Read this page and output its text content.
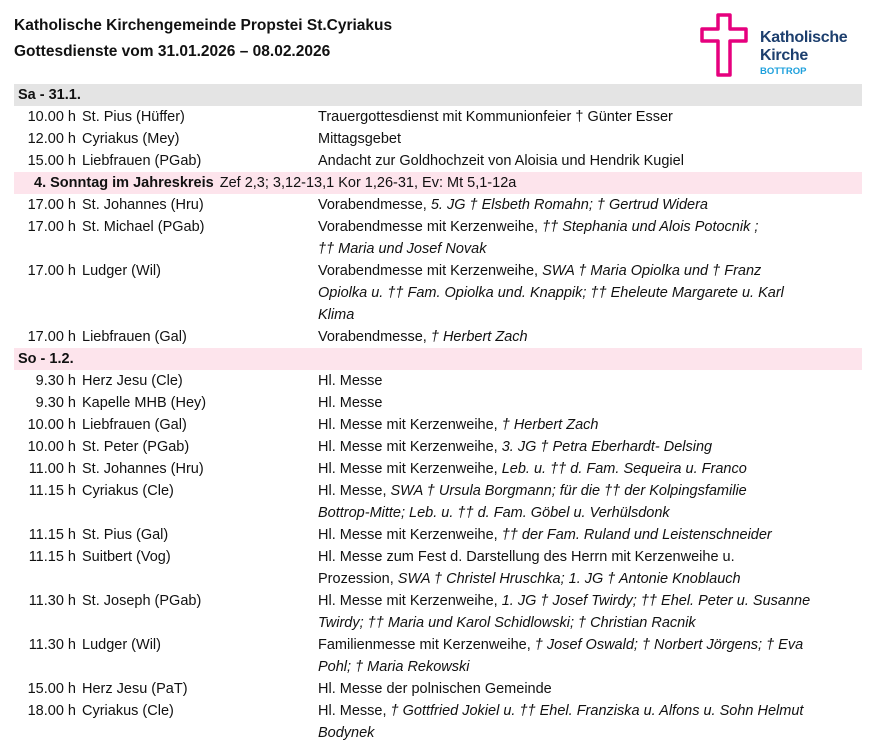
Katholische Kirchengemeinde Propstei St.Cyriakus
Gottesdienste vom 31.01.2026 – 08.02.2026
Katholische
Kirche
BOTTROP
Sa - 31.1.
10.00 h St. Pius (Hüffer)	Trauergottesdienst mit Kommunionfeier † Günter Esser
12.00 h Cyriakus (Mey)	Mittagsgebet
15.00 h Liebfrauen (PGab)	Andacht zur Goldhochzeit von Aloisia und Hendrik Kugiel
4. Sonntag im Jahreskreis Zef 2,3; 3,12-13,1 Kor 1,26-31, Ev: Mt 5,1-12a
17.00 h St. Johannes (Hru)	Vorabendmesse, 5. JG † Elsbeth Romahn; † Gertrud Widera
17.00 h St. Michael (PGab)	Vorabendmesse mit Kerzenweihe, †† Stephania und Alois Potocnik ;
†† Maria und Josef Novak
17.00 h Ludger (Wil)	Vorabendmesse mit Kerzenweihe, SWA † Maria Opiolka und † Franz
Opiolka u. †† Fam. Opiolka und. Knappik; †† Eheleute Margarete u. Karl
Klima
17.00 h Liebfrauen (Gal)	Vorabendmesse, † Herbert Zach
So - 1.2.
9.30 h Herz Jesu (Cle)	Hl. Messe
9.30 h Kapelle MHB (Hey)	Hl. Messe
10.00 h Liebfrauen (Gal)	Hl. Messe mit Kerzenweihe, † Herbert Zach
10.00 h St. Peter (PGab)	Hl. Messe mit Kerzenweihe, 3. JG † Petra Eberhardt- Delsing
11.00 h St. Johannes (Hru)	Hl. Messe mit Kerzenweihe, Leb. u. †† d. Fam. Sequeira u. Franco
11.15 h Cyriakus (Cle)	Hl. Messe, SWA † Ursula Borgmann; für die †† der Kolpingsfamilie
Bottrop-Mitte; Leb. u. †† d. Fam. Göbel u. Verhülsdonk
11.15 h St. Pius (Gal)	Hl. Messe mit Kerzenweihe, †† der Fam. Ruland und Leistenschneider
11.15 h Suitbert (Vog)	Hl. Messe zum Fest d. Darstellung des Herrn mit Kerzenweihe u.
Prozession, SWA † Christel Hruschka; 1. JG † Antonie Knoblauch
11.30 h St. Joseph (PGab)	Hl. Messe mit Kerzenweihe, 1. JG † Josef Twirdy; †† Ehel. Peter u. Susanne
Twirdy; †† Maria und Karol Schidlowski; † Christian Racnik
11.30 h Ludger (Wil)	Familienmesse mit Kerzenweihe, † Josef Oswald; † Norbert Jörgens; † Eva
Pohl; † Maria Rekowski
15.00 h Herz Jesu (PaT)	Hl. Messe der polnischen Gemeinde
18.00 h Cyriakus (Cle)	Hl. Messe, † Gottfried Jokiel u. †† Ehel. Franziska u. Alfons u. Sohn Helmut
Bodynek
